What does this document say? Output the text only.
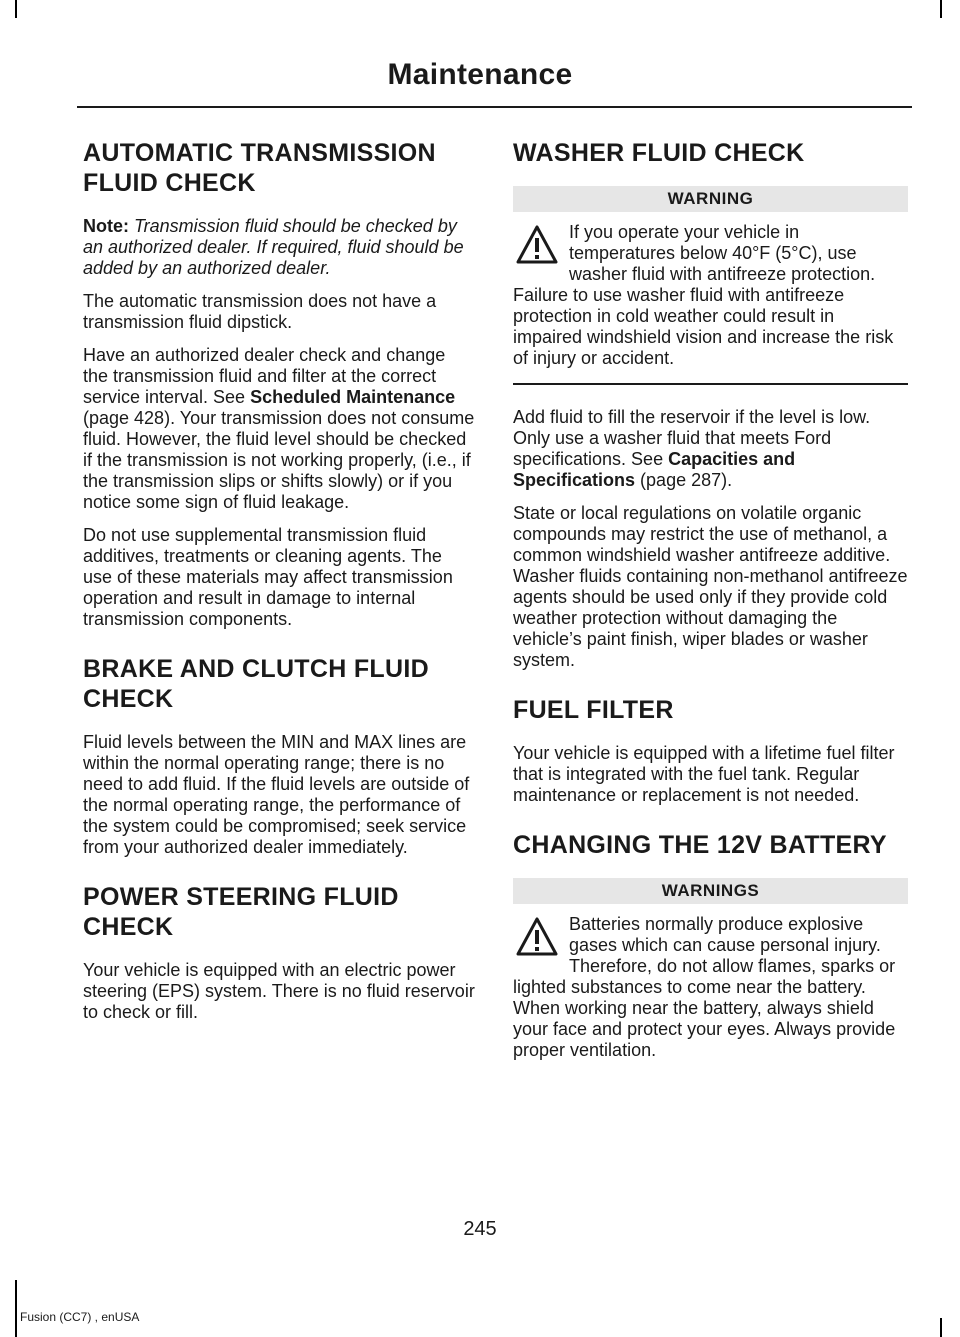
Maintenance
AUTOMATIC TRANSMISSION
FLUID CHECK

Note: Transmission fluid should be checked by an authorized dealer. If required, fluid should be added by an authorized dealer.

The automatic transmission does not have a transmission fluid dipstick.

Have an authorized dealer check and change the transmission fluid and filter at the correct service interval. See Scheduled Maintenance (page 428). Your transmission does not consume fluid. However, the fluid level should be checked if the transmission is not working properly, (i.e., if the transmission slips or shifts slowly) or if you notice some sign of fluid leakage.

Do not use supplemental transmission fluid additives, treatments or cleaning agents. The use of these materials may affect transmission operation and result in damage to internal transmission components.

BRAKE AND CLUTCH FLUID
CHECK

Fluid levels between the MIN and MAX lines are within the normal operating range; there is no need to add fluid. If the fluid levels are outside of the normal operating range, the performance of the system could be compromised; seek service from your authorized dealer immediately.

POWER STEERING FLUID
CHECK

Your vehicle is equipped with an electric power steering (EPS) system. There is no fluid reservoir to check or fill.

WASHER FLUID CHECK
WARNING
If you operate your vehicle in temperatures below 40°F (5°C), use washer fluid with antifreeze protection. Failure to use washer fluid with antifreeze protection in cold weather could result in impaired windshield vision and increase the risk of injury or accident.

Add fluid to fill the reservoir if the level is low. Only use a washer fluid that meets Ford specifications. See Capacities and Specifications (page 287).

State or local regulations on volatile organic compounds may restrict the use of methanol, a common windshield washer antifreeze additive. Washer fluids containing non-methanol antifreeze agents should be used only if they provide cold weather protection without damaging the vehicle’s paint finish, wiper blades or washer system.

FUEL FILTER

Your vehicle is equipped with a lifetime fuel filter that is integrated with the fuel tank. Regular maintenance or replacement is not needed.

CHANGING THE 12V BATTERY
WARNINGS
Batteries normally produce explosive gases which can cause personal injury. Therefore, do not allow flames, sparks or lighted substances to come near the battery. When working near the battery, always shield your face and protect your eyes. Always provide proper ventilation.
245
Fusion (CC7) , enUSA
